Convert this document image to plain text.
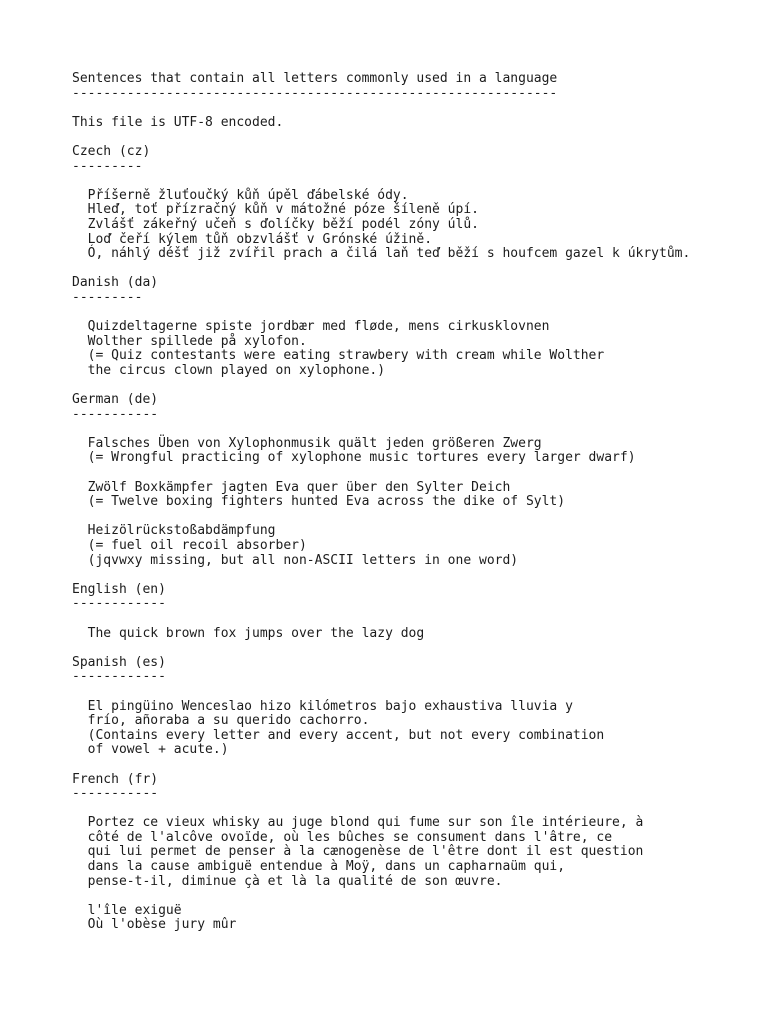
Sentences that contain all letters commonly used in a language
--------------------------------------------------------------
This file is UTF-8 encoded.
Czech (cz)
---------
Příšerně žluťoučký kůň úpěl ďábelské ódy.
Hleď, toť přízračný kůň v mátožné póze šíleně úpí.
Zvlášť zákeřný učeň s ďolíčky běží podél zóny úlů.
Loď čeří kýlem tůň obzvlášť v Grónské úžině.
Ó, náhlý déšť již zvířil prach a čilá laň teď běží s houfcem gazel k úkrytům.
Danish (da)
---------
Quizdeltagerne spiste jordbær med fløde, mens cirkusklovnen
Wolther spillede på xylofon.
(= Quiz contestants were eating strawbery with cream while Wolther
the circus clown played on xylophone.)
German (de)
-----------
Falsches Üben von Xylophonmusik quält jeden größeren Zwerg
(= Wrongful practicing of xylophone music tortures every larger dwarf)
Zwölf Boxkämpfer jagten Eva quer über den Sylter Deich
(= Twelve boxing fighters hunted Eva across the dike of Sylt)
Heizölrückstoßabdämpfung
(= fuel oil recoil absorber)
(jqvwxy missing, but all non-ASCII letters in one word)
English (en)
------------
The quick brown fox jumps over the lazy dog
Spanish (es)
------------
El pingüino Wenceslao hizo kilómetros bajo exhaustiva lluvia y
frío, añoraba a su querido cachorro.
(Contains every letter and every accent, but not every combination
of vowel + acute.)
French (fr)
-----------
Portez ce vieux whisky au juge blond qui fume sur son île intérieure, à
côté de l'alcôve ovoïde, où les bûches se consument dans l'âtre, ce
qui lui permet de penser à la cænogenèse de l'être dont il est question
dans la cause ambiguë entendue à Moÿ, dans un capharnaüm qui,
pense-t-il, diminue çà et là la qualité de son œuvre.
l'île exiguë
Où l'obèse jury mûr
